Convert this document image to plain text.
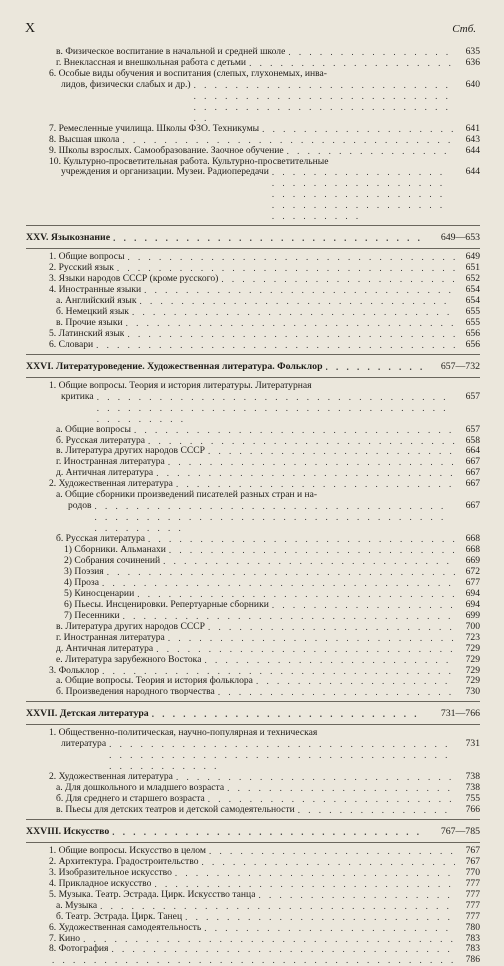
X	Стб.
в. Физическое воспитание в начальной и средней школе . . .	635
г. Внеклассная и внешкольная работа с детьми . . .	636
6. Особые виды обучения и воспитания (слепых, глухонемых, инва-
лидов, физически слабых и др.) . . .	640
7. Ремесленные училища. Школы ФЗО. Техникумы . . .	641
8. Высшая школа . . .	643
9. Школы взрослых. Самообразование. Заочное обучение . . .	644
10. Культурно-просветительная работа. Культурно-просветительные
учреждения и организации. Музеи. Радиопередачи . . .	644
XXV. Языкознание . . .	649—653
1. Общие вопросы . . .	649
2. Русский язык . . .	651
3. Языки народов СССР (кроме русского) . . .	652
4. Иностранные языки . . .	654
а. Английский язык . . .	654
б. Немецкий язык . . .	655
в. Прочие языки . . .	655
5. Латинский язык . . .	656
6. Словари . . .	656
XXVI. Литературоведение. Художественная литература. Фольклор . . .	657—732
1. Общие вопросы. Теория и история литературы. Литературная
критика . . .	657
а. Общие вопросы . . .	657
б. Русская литература . . .	658
в. Литература других народов СССР . . .	664
г. Иностранная литература . . .	667
д. Античная литература . . .	667
2. Художественная литература . . .	667
а. Общие сборники произведений писателей разных стран и на-
родов . . .	667
б. Русская литература . . .	668
1) Сборники. Альманахи . . .	668
2) Собрания сочинений . . .	669
3) Поэзия . . .	672
4) Проза . . .	677
5) Киносценарии . . .	694
6) Пьесы. Инсценировки. Репертуарные сборники . . .	694
7) Песенники . . .	699
в. Литература других народов СССР . . .	700
г. Иностранная литература . . .	723
д. Античная литература . . .	729
е. Литература зарубежного Востока . . .	729
3. Фольклор . . .	729
а. Общие вопросы. Теория и история фольклора . . .	729
б. Произведения народного творчества . . .	730
XXVII. Детская литература . . .	731—766
1. Общественно-политическая, научно-популярная и техническая
литература . . .	731
2. Художественная литература . . .	738
а. Для дошкольного и младшего возраста . . .	738
б. Для среднего и старшего возраста . . .	755
в. Пьесы для детских театров и детской самодеятельности . . .	766
XXVIII. Искусство . . .	767—785
1. Общие вопросы. Искусство в целом . . .	767
2. Архитектура. Градостроительство . . .	767
3. Изобразительное искусство . . .	770
4. Прикладное искусство . . .	777
5. Музыка. Театр. Эстрада. Цирк. Искусство танца . . .	777
а. Музыка . . .	777
б. Театр. Эстрада. Цирк. Танец . . .	777
6. Художественная самодеятельность . . .	780
7. Кино . . .	783
8. Фотография . . .	783
. . .
786
